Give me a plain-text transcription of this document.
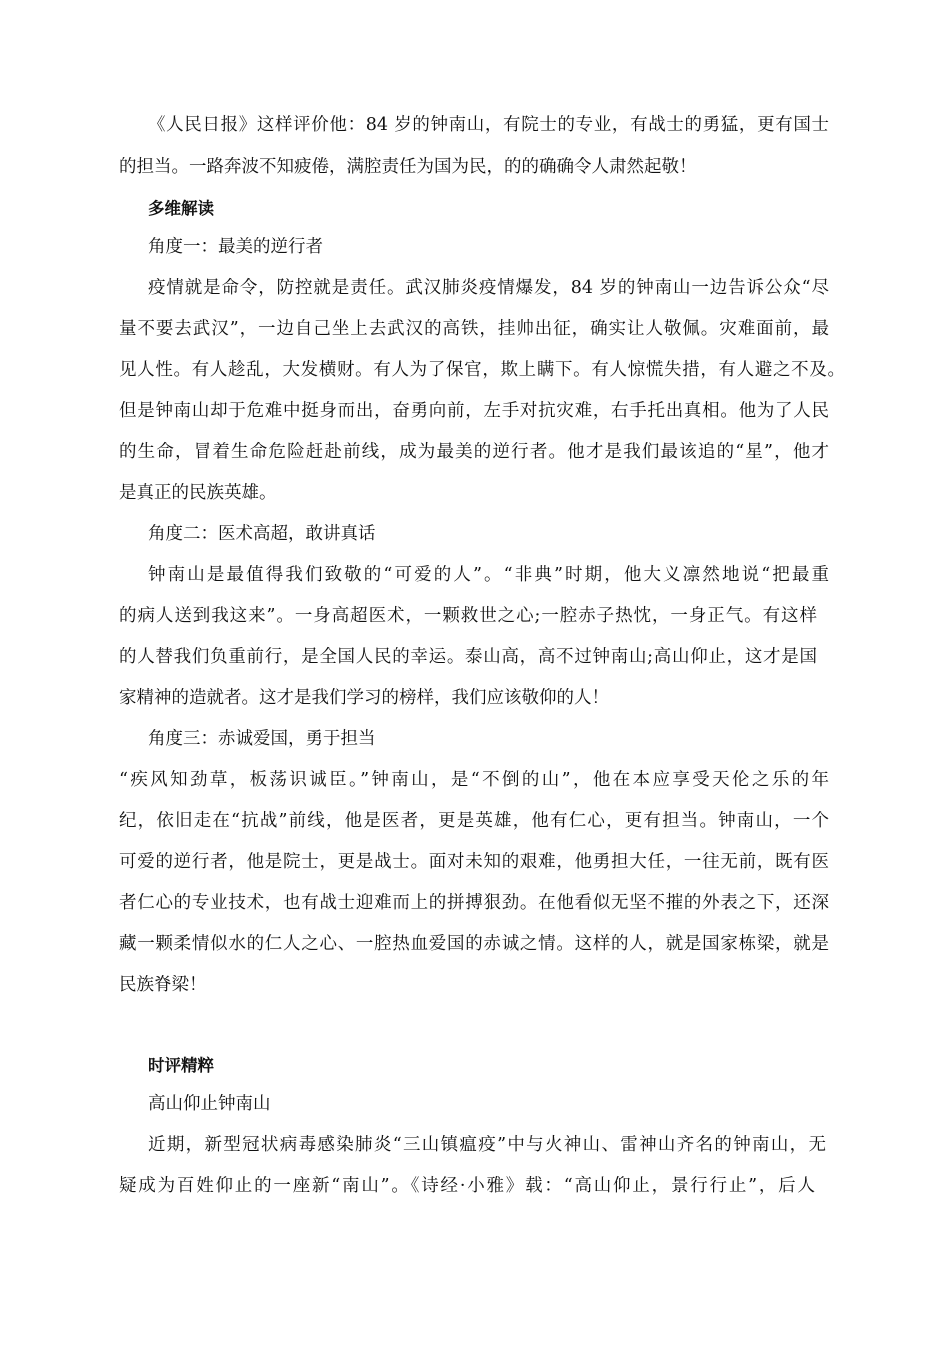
《人民日报》这样评价他：84 岁的钟南山，有院士的专业，有战士的勇猛，更有国士
的担当。一路奔波不知疲倦，满腔责任为国为民，的的确确令人肃然起敬！
多维解读
角度一：最美的逆行者
疫情就是命令，防控就是责任。武汉肺炎疫情爆发，84 岁的钟南山一边告诉公众“尽
量不要去武汉”，一边自己坐上去武汉的高铁，挂帅出征，确实让人敬佩。灾难面前，最
见人性。有人趁乱，大发横财。有人为了保官，欺上瞒下。有人惊慌失措，有人避之不及。
但是钟南山却于危难中挺身而出，奋勇向前，左手对抗灾难，右手托出真相。他为了人民
的生命，冒着生命危险赶赴前线，成为最美的逆行者。他才是我们最该追的“星”，他才
是真正的民族英雄。
角度二：医术高超，敢讲真话
钟南山是最值得我们致敬的“可爱的人”。“非典”时期，他大义凛然地说“把最重
的病人送到我这来”。一身高超医术，一颗救世之心;一腔赤子热忱，一身正气。有这样
的人替我们负重前行，是全国人民的幸运。泰山高，高不过钟南山;高山仰止，这才是国
家精神的造就者。这才是我们学习的榜样，我们应该敬仰的人！
角度三：赤诚爱国，勇于担当
“疾风知劲草，板荡识诚臣。”钟南山，是“不倒的山”，他在本应享受天伦之乐的年
纪，依旧走在“抗战”前线，他是医者，更是英雄，他有仁心，更有担当。钟南山，一个
可爱的逆行者，他是院士，更是战士。面对未知的艰难，他勇担大任，一往无前，既有医
者仁心的专业技术，也有战士迎难而上的拼搏狠劲。在他看似无坚不摧的外表之下，还深
藏一颗柔情似水的仁人之心、一腔热血爱国的赤诚之情。这样的人，就是国家栋梁，就是
民族脊梁！
时评精粹
高山仰止钟南山
近期，新型冠状病毒感染肺炎“三山镇瘟疫”中与火神山、雷神山齐名的钟南山，无
疑成为百姓仰止的一座新“南山”。《诗经·小雅》载：“高山仰止，景行行止”，后人
